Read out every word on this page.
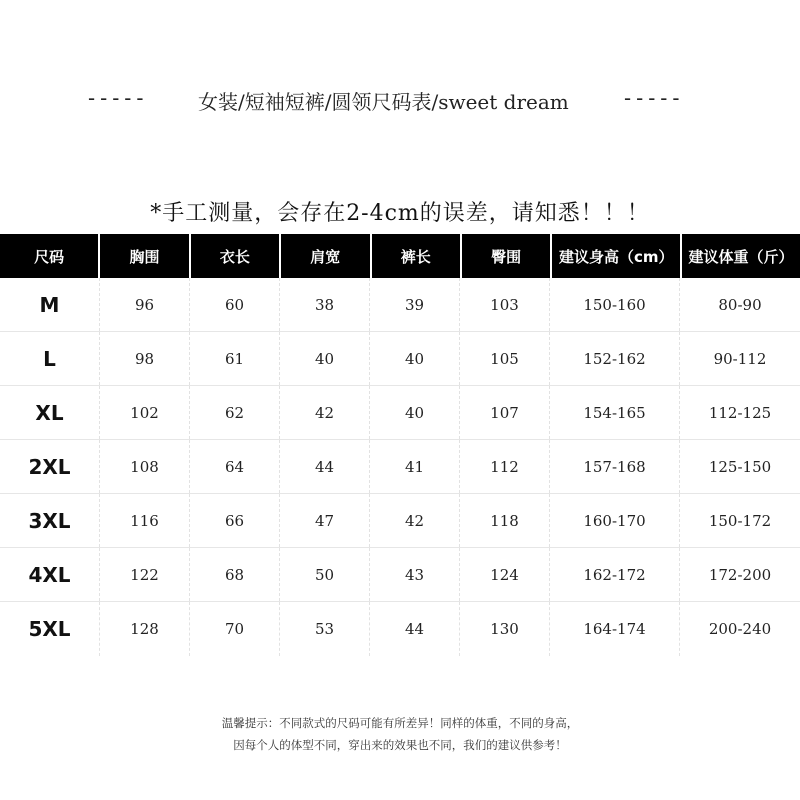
----- 女装/短袖短裤/圆领尺码表/sweet dream	-----
*手工测量，会存在2-4cm的误差，请知悉！！！
尺码	胸围	衣长	肩宽	裤长	臀围	建议身高（cm）	建议体重（斤）
M	96	60	38	39	103	150-160	80-90
L	98	61	40	40	105	152-162	90-112
XL	102	62	42	40	107	154-165	112-125
2XL	108	64	44	41	112	157-168	125-150
3XL	116	66	47	42	118	160-170	150-172
4XL	122	68	50	43	124	162-172	172-200
5XL	128	70	53	44	130	164-174	200-240
温馨提示：不同款式的尺码可能有所差异！同样的体重，不同的身高，
因每个人的体型不同，穿出来的效果也不同，我们的建议供参考！
